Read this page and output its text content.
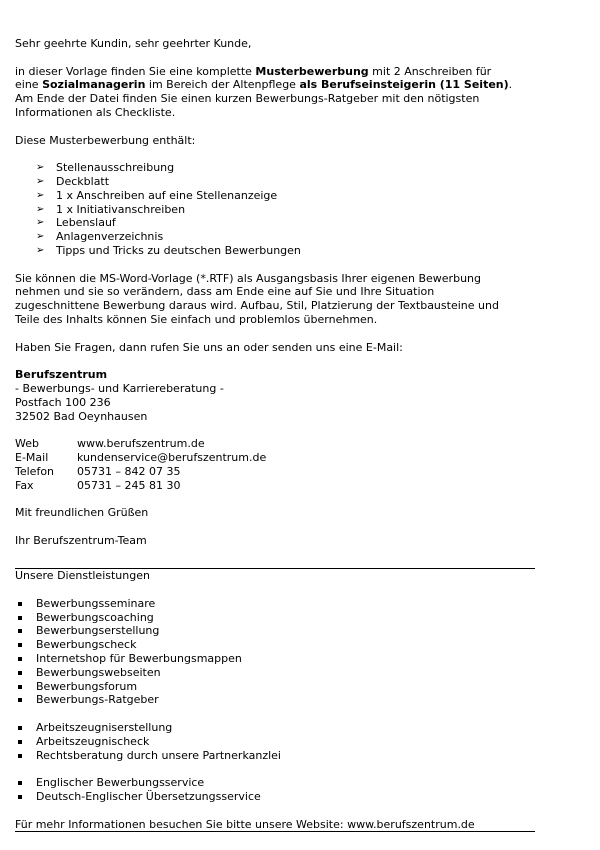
Sehr geehrte Kundin, sehr geehrter Kunde,
in dieser Vorlage finden Sie eine komplette Musterbewerbung mit 2 Anschreiben für
eine Sozialmanagerin im Bereich der Altenpflege als Berufseinsteigerin (11 Seiten).
Am Ende der Datei finden Sie einen kurzen Bewerbungs-Ratgeber mit den nötigsten
Informationen als Checkliste.
Diese Musterbewerbung enthält:
➢	Stellenausschreibung
➢	Deckblatt
➢	1 x Anschreiben auf eine Stellenanzeige
➢	1 x Initiativanschreiben
➢	Lebenslauf
➢	Anlagenverzeichnis
➢	Tipps und Tricks zu deutschen Bewerbungen
Sie können die MS-Word-Vorlage (*.RTF) als Ausgangsbasis Ihrer eigenen Bewerbung
nehmen und sie so verändern, dass am Ende eine auf Sie und Ihre Situation
zugeschnittene Bewerbung daraus wird. Aufbau, Stil, Platzierung der Textbausteine und
Teile des Inhalts können Sie einfach und problemlos übernehmen.
Haben Sie Fragen, dann rufen Sie uns an oder senden uns eine E-Mail:
Berufszentrum
- Bewerbungs- und Karriereberatung -
Postfach 100 236
32502 Bad Oeynhausen
Web	www.berufszentrum.de
E-Mail	kundenservice@berufszentrum.de
Telefon	05731 – 842 07 35
Fax	05731 – 245 81 30
Mit freundlichen Grüßen
Ihr Berufszentrum-Team
Unsere Dienstleistungen
Bewerbungsseminare
Bewerbungscoaching
Bewerbungserstellung
Bewerbungscheck
Internetshop für Bewerbungsmappen
Bewerbungswebseiten
Bewerbungsforum
Bewerbungs-Ratgeber
Arbeitszeugniserstellung
Arbeitszeugnischeck
Rechtsberatung durch unsere Partnerkanzlei
Englischer Bewerbungsservice
Deutsch-Englischer Übersetzungsservice
Für mehr Informationen besuchen Sie bitte unsere Website: www.berufszentrum.de
